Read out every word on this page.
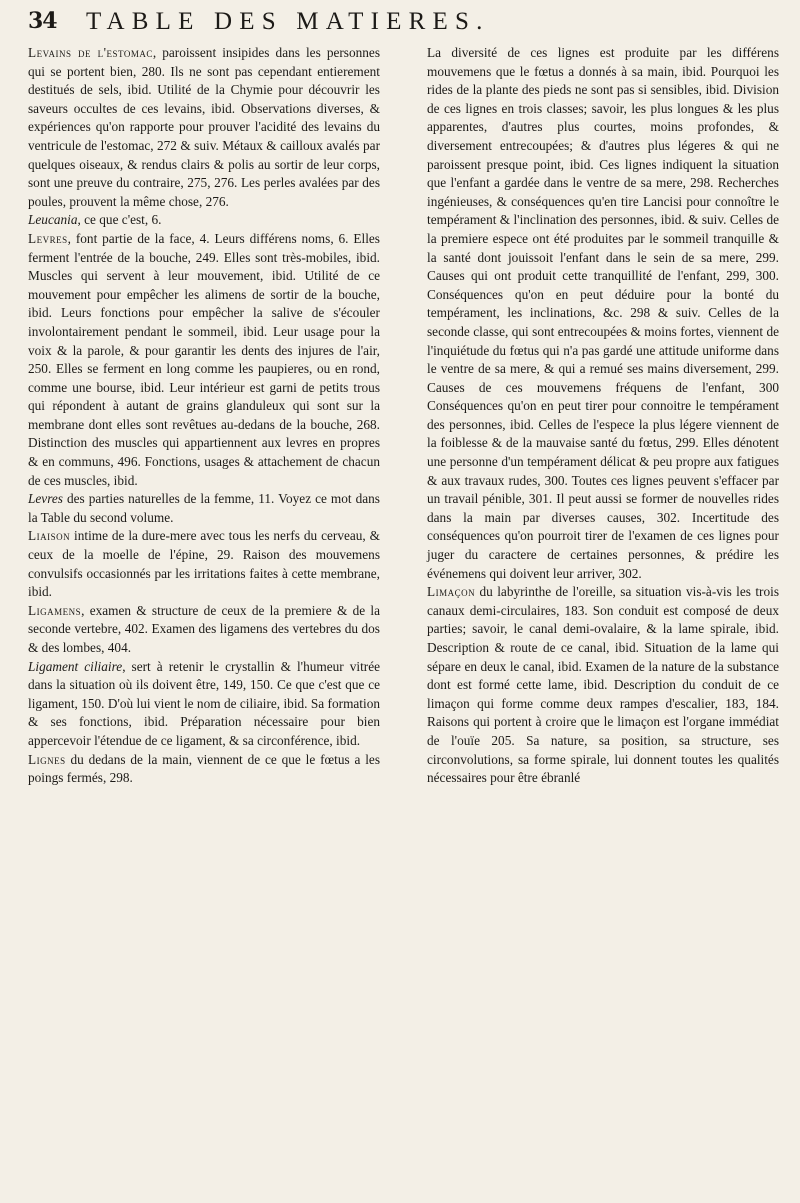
34 TABLE DES MATIERES.

Levains de l'estomac, paroissent insipides dans les personnes qui se portent bien, 280. Ils ne sont pas cependant entierement destitués de sels, ibid. Utilité de la Chymie pour découvrir les saveurs occultes de ces levains, ibid. Observations diverses, & expériences qu'on rapporte pour prouver l'acidité des levains du ventricule de l'estomac, 272 & suiv. Métaux & cailloux avalés par quelques oiseaux, & rendus clairs & polis au sortir de leur corps, sont une preuve du contraire, 275, 276. Les perles avalées par des poules, prouvent la même chose, 276.

Leucania, ce que c'est, 6.

Levres, font partie de la face, 4. Leurs différens noms, 6. Elles ferment l'entrée de la bouche, 249. Elles sont très-mobiles, ibid. Muscles qui servent à leur mouvement, ibid. Utilité de ce mouvement pour empêcher les alimens de sortir de la bouche, ibid. Leurs fonctions pour empêcher la salive de s'écouler involontairement pendant le sommeil, ibid. Leur usage pour la voix & la parole, & pour garantir les dents des injures de l'air, 250. Elles se ferment en long comme les paupieres, ou en rond, comme une bourse, ibid. Leur intérieur est garni de petits trous qui répondent à autant de grains glanduleux qui sont sur la membrane dont elles sont revêtues au-dedans de la bouche, 268. Distinction des muscles qui appartiennent aux levres en propres & en communs, 496. Fonctions, usages & attachement de chacun de ces muscles, ibid.

Levres des parties naturelles de la femme, 11. Voyez ce mot dans la Table du second volume.

Liaison intime de la dure-mere avec tous les nerfs du cerveau, & ceux de la moelle de l'épine, 29. Raison des mouvemens convulsifs occasionnés par les irritations faites à cette membrane, ibid.

Ligamens, examen & structure de ceux de la premiere & de la seconde vertebre, 402. Examen des ligamens des vertebres du dos & des lombes, 404.

Ligament ciliaire, sert à retenir le crystallin & l'humeur vitrée dans la situation où ils doivent être, 149, 150. Ce que c'est que ce ligament, 150. D'où lui vient le nom de ciliaire, ibid. Sa formation & ses fonctions, ibid. Préparation nécessaire pour bien appercevoir l'étendue de ce ligament, & sa circonférence, ibid.

Lignes du dedans de la main, viennent de ce que le fœtus a les poings fermés, 298.

La diversité de ces lignes est produite par les différens mouvemens que le fœtus a donnés à sa main, ibid. Pourquoi les rides de la plante des pieds ne sont pas si sensibles, ibid. Division de ces lignes en trois classes; savoir, les plus longues & les plus apparentes, d'autres plus courtes, moins profondes, & diversement entrecoupées; & d'autres plus légeres & qui ne paroissent presque point, ibid. Ces lignes indiquent la situation que l'enfant a gardée dans le ventre de sa mere, 298. Recherches ingénieuses, & conséquences qu'en tire Lancisi pour connoître le tempérament & l'inclination des personnes, ibid. & suiv. Celles de la premiere espece ont été produites par le sommeil tranquille & la santé dont jouissoit l'enfant dans le sein de sa mere, 299. Causes qui ont produit cette tranquillité de l'enfant, 299, 300. Conséquences qu'on en peut déduire pour la bonté du tempérament, les inclinations, &c. 298 & suiv. Celles de la seconde classe, qui sont entrecoupées & moins fortes, viennent de l'inquiétude du fœtus qui n'a pas gardé une attitude uniforme dans le ventre de sa mere, & qui a remué ses mains diversement, 299. Causes de ces mouvemens fréquens de l'enfant, 300 Conséquences qu'on en peut tirer pour connoitre le tempérament des personnes, ibid. Celles de l'espece la plus légere viennent de la foiblesse & de la mauvaise santé du fœtus, 299. Elles dénotent une personne d'un tempérament délicat & peu propre aux fatigues & aux travaux rudes, 300. Toutes ces lignes peuvent s'effacer par un travail pénible, 301. Il peut aussi se former de nouvelles rides dans la main par diverses causes, 302. Incertitude des conséquences qu'on pourroit tirer de l'examen de ces lignes pour juger du caractere de certaines personnes, & prédire les événemens qui doivent leur arriver, 302.

Limaçon du labyrinthe de l'oreille, sa situation vis-à-vis les trois canaux demi-circulaires, 183. Son conduit est composé de deux parties; savoir, le canal demi-ovalaire, & la lame spirale, ibid. Description & route de ce canal, ibid. Situation de la lame qui sépare en deux le canal, ibid. Examen de la nature de la substance dont est formé cette lame, ibid. Description du conduit de ce limaçon qui forme comme deux rampes d'escalier, 183, 184. Raisons qui portent à croire que le limaçon est l'organe immédiat de l'ouïe 205. Sa nature, sa position, sa structure, ses circonvolutions, sa forme spirale, lui donnent toutes les qualités nécessaires pour être ébranlé
